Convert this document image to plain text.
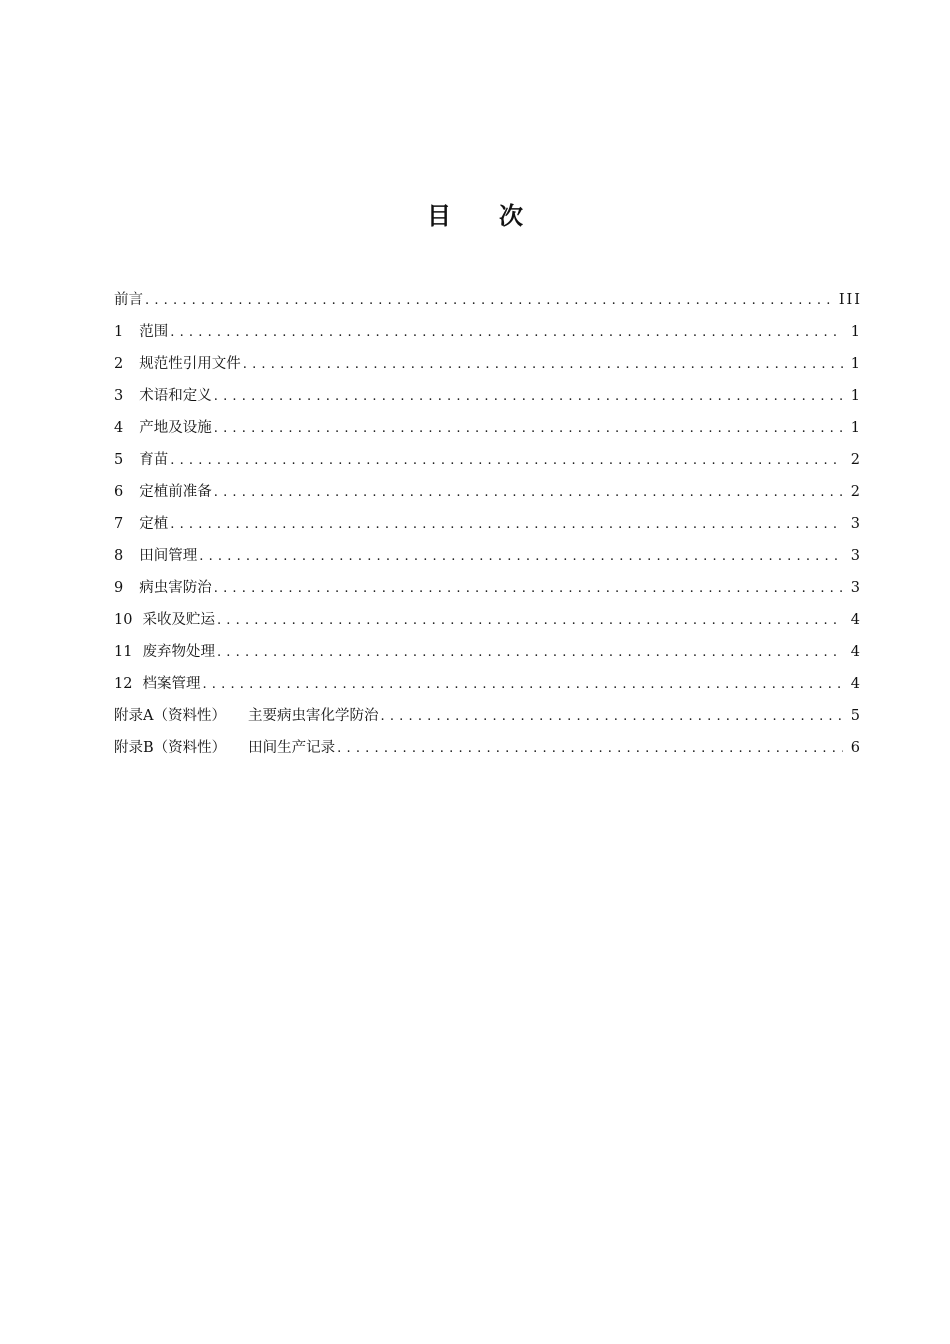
目 次
前言 .....	III
1 范围 .....	1
2 规范性引用文件 .....	1
3 术语和定义 .....	1
4 产地及设施 .....	1
5 育苗 .....	2
6 定植前准备 .....	2
7 定植 .....	3
8 田间管理 .....	3
9 病虫害防治 .....	3
10 采收及贮运 .....	4
11 废弃物处理 .....	4
12 档案管理 .....	4
附录A（资料性） 主要病虫害化学防治 .....	5
附录B（资料性） 田间生产记录 .....	6
